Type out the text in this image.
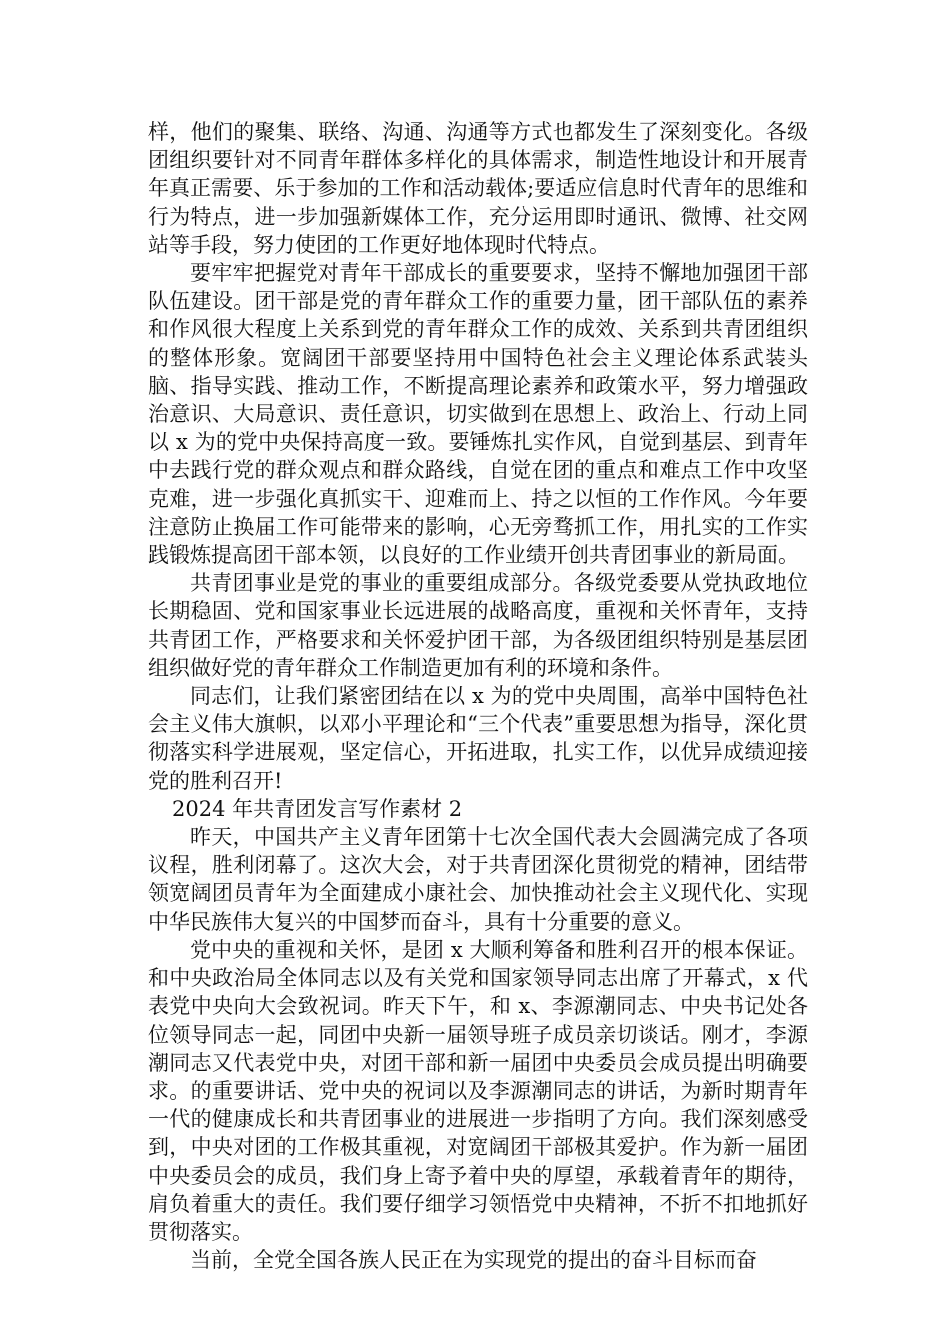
样，他们的聚集、联络、沟通、沟通等方式也都发生了深刻变化。各级团组织要针对不同青年群体多样化的具体需求，制造性地设计和开展青年真正需要、乐于参加的工作和活动载体;要适应信息时代青年的思维和行为特点，进一步加强新媒体工作，充分运用即时通讯、微博、社交网站等手段，努力使团的工作更好地体现时代特点。

要牢牢把握党对青年干部成长的重要要求，坚持不懈地加强团干部队伍建设。团干部是党的青年群众工作的重要力量，团干部队伍的素养和作风很大程度上关系到党的青年群众工作的成效、关系到共青团组织的整体形象。宽阔团干部要坚持用中国特色社会主义理论体系武装头脑、指导实践、推动工作，不断提高理论素养和政策水平，努力增强政治意识、大局意识、责任意识，切实做到在思想上、政治上、行动上同以 x 为的党中央保持高度一致。要锤炼扎实作风，自觉到基层、到青年中去践行党的群众观点和群众路线，自觉在团的重点和难点工作中攻坚克难，进一步强化真抓实干、迎难而上、持之以恒的工作作风。今年要注意防止换届工作可能带来的影响，心无旁骛抓工作，用扎实的工作实践锻炼提高团干部本领，以良好的工作业绩开创共青团事业的新局面。

共青团事业是党的事业的重要组成部分。各级党委要从党执政地位长期稳固、党和国家事业长远进展的战略高度，重视和关怀青年，支持共青团工作，严格要求和关怀爱护团干部，为各级团组织特别是基层团组织做好党的青年群众工作制造更加有利的环境和条件。

同志们，让我们紧密团结在以 x 为的党中央周围，高举中国特色社会主义伟大旗帜，以邓小平理论和“三个代表”重要思想为指导，深化贯彻落实科学进展观，坚定信心，开拓进取，扎实工作，以优异成绩迎接党的胜利召开!

2024 年共青团发言写作素材 2

昨天，中国共产主义青年团第十七次全国代表大会圆满完成了各项议程，胜利闭幕了。这次大会，对于共青团深化贯彻党的精神，团结带领宽阔团员青年为全面建成小康社会、加快推动社会主义现代化、实现中华民族伟大复兴的中国梦而奋斗，具有十分重要的意义。

党中央的重视和关怀，是团 x 大顺利筹备和胜利召开的根本保证。和中央政治局全体同志以及有关党和国家领导同志出席了开幕式，x 代表党中央向大会致祝词。昨天下午，和 x、李源潮同志、中央书记处各位领导同志一起，同团中央新一届领导班子成员亲切谈话。刚才，李源潮同志又代表党中央，对团干部和新一届团中央委员会成员提出明确要求。的重要讲话、党中央的祝词以及李源潮同志的讲话，为新时期青年一代的健康成长和共青团事业的进展进一步指明了方向。我们深刻感受到，中央对团的工作极其重视，对宽阔团干部极其爱护。作为新一届团中央委员会的成员，我们身上寄予着中央的厚望，承载着青年的期待，肩负着重大的责任。我们要仔细学习领悟党中央精神，不折不扣地抓好贯彻落实。

当前，全党全国各族人民正在为实现党的提出的奋斗目标而奋
